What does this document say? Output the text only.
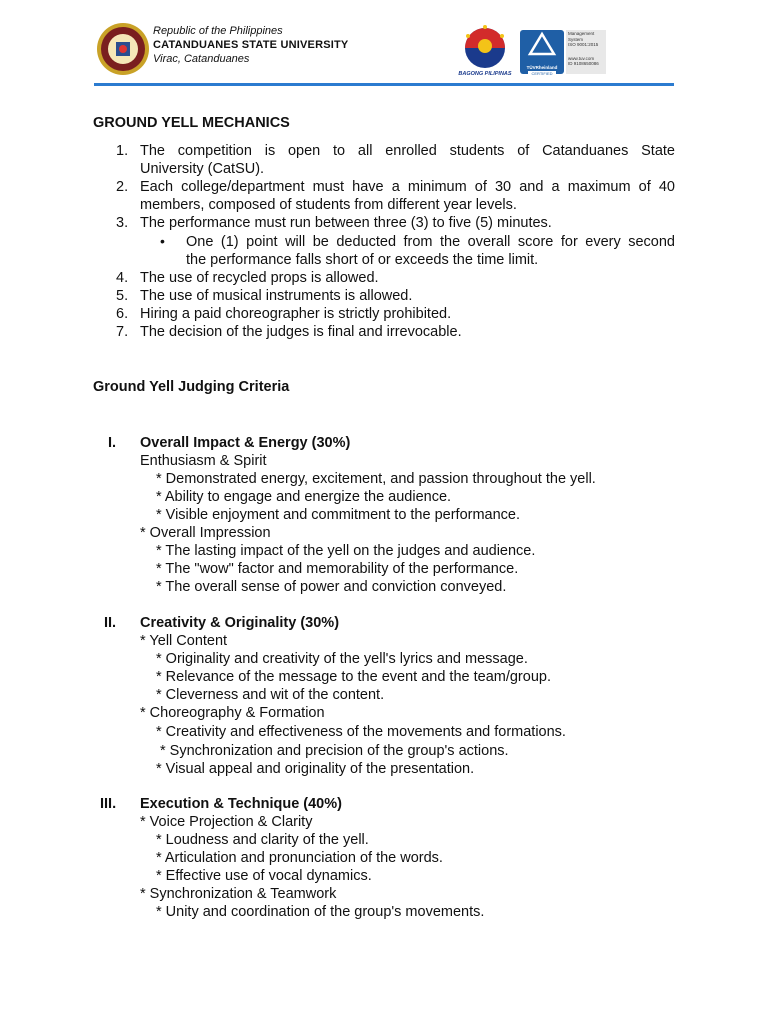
Republic of the Philippines
CATANDUANES STATE UNIVERSITY
Virac, Catanduanes
BAGONG PILIPINAS
TÜVRheinland
CERTIFIED
Management
System
ISO 9001:2015
www.tuv.com
ID 9108650086
GROUND YELL MECHANICS
1. The competition is open to all enrolled students of Catanduanes State
University (CatSU).
2. Each college/department must have a minimum of 30 and a maximum of 40
members, composed of students from different year levels.
3. The performance must run between three (3) to five (5) minutes.
• One (1) point will be deducted from the overall score for every second
the performance falls short of or exceeds the time limit.
4. The use of recycled props is allowed.
5. The use of musical instruments is allowed.
6. Hiring a paid choreographer is strictly prohibited.
7. The decision of the judges is final and irrevocable.
Ground Yell Judging Criteria
I. Overall Impact & Energy (30%)
Enthusiasm & Spirit
* Demonstrated energy, excitement, and passion throughout the yell.
* Ability to engage and energize the audience.
* Visible enjoyment and commitment to the performance.
* Overall Impression
* The lasting impact of the yell on the judges and audience.
* The "wow" factor and memorability of the performance.
* The overall sense of power and conviction conveyed.
II. Creativity & Originality (30%)
* Yell Content
* Originality and creativity of the yell's lyrics and message.
* Relevance of the message to the event and the team/group.
* Cleverness and wit of the content.
* Choreography & Formation
* Creativity and effectiveness of the movements and formations.
* Synchronization and precision of the group's actions.
* Visual appeal and originality of the presentation.
III. Execution & Technique (40%)
* Voice Projection & Clarity
* Loudness and clarity of the yell.
* Articulation and pronunciation of the words.
* Effective use of vocal dynamics.
* Synchronization & Teamwork
* Unity and coordination of the group's movements.
